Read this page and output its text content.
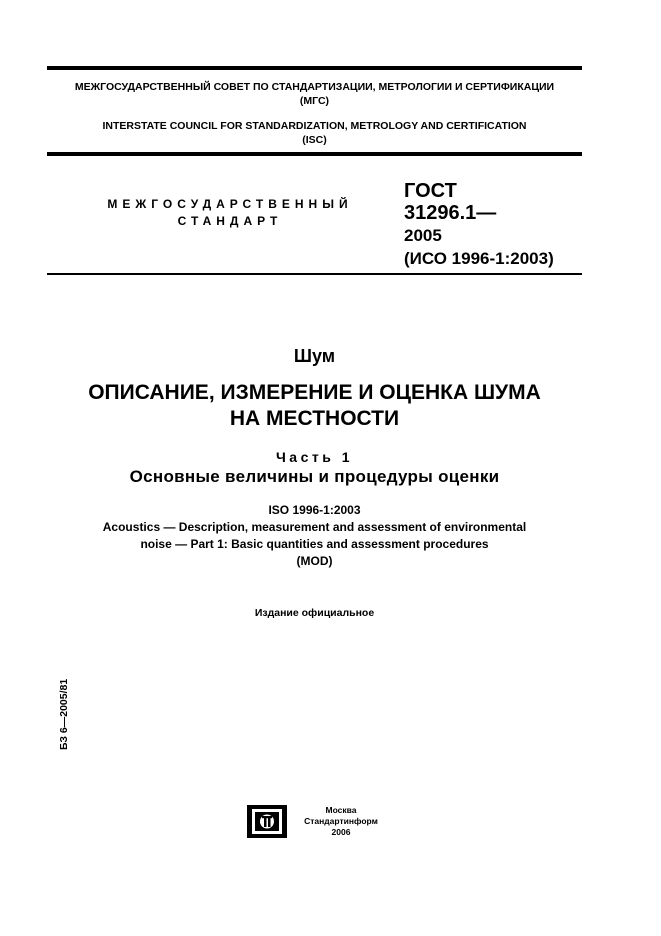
МЕЖГОСУДАРСТВЕННЫЙ СОВЕТ ПО СТАНДАРТИЗАЦИИ, МЕТРОЛОГИИ И СЕРТИФИКАЦИИ
(МГС)
INTERSTATE COUNCIL FOR STANDARDIZATION, METROLOGY AND CERTIFICATION
(ISC)
МЕЖГОСУДАРСТВЕННЫЙ
СТАНДАРТ
ГОСТ
31296.1—
2005
(ИСО 1996-1:2003)
Шум
ОПИСАНИЕ, ИЗМЕРЕНИЕ И ОЦЕНКА ШУМА
НА МЕСТНОСТИ
Часть 1
Основные величины и процедуры оценки
ISO 1996-1:2003
Acoustics — Description, measurement and assessment of environmental
noise — Part 1: Basic quantities and assessment procedures
(MOD)
Издание официальное
БЗ 6—2005/81
Москва
Стандартинформ
2006
